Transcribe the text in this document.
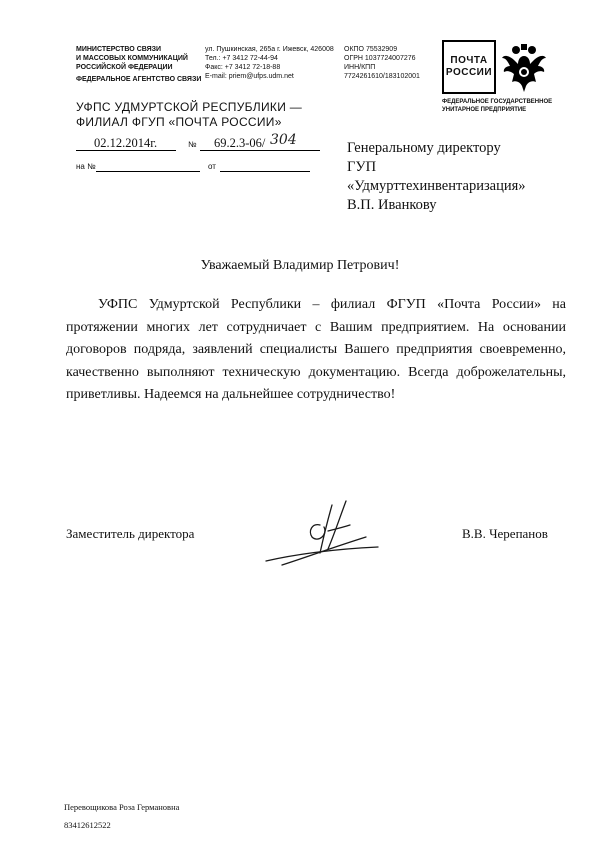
МИНИСТЕРСТВО СВЯЗИ
И МАССОВЫХ КОММУНИКАЦИЙ
РОССИЙСКОЙ ФЕДЕРАЦИИ
ФЕДЕРАЛЬНОЕ АГЕНТСТВО СВЯЗИ
ул. Пушкинская, 265а г. Ижевск, 426008
Тел.: +7 3412 72-44-94
Факс: +7 3412 72-18-88
E-mail: priem@ufps.udm.net
ОКПО 75532909
ОГРН 1037724007276
ИНН/КПП
7724261610/183102001
ПОЧТА
РОССИИ
ФЕДЕРАЛЬНОЕ ГОСУДАРСТВЕННОЕ
УНИТАРНОЕ ПРЕДПРИЯТИЕ
УФПС УДМУРТСКОЙ РЕСПУБЛИКИ —
ФИЛИАЛ ФГУП «ПОЧТА РОССИИ»
02.12.2014г.	№ 69.2.3-06/ 304
на №	от
Генеральному директору
ГУП
«Удмурттехинвентаризация»
В.П. Иванкову
Уважаемый Владимир Петрович!
УФПС Удмуртской Республики – филиал ФГУП «Почта России» на
протяжении многих лет сотрудничает с Вашим предприятием. На основании
договоров подряда, заявлений специалисты Вашего предприятия своевременно,
качественно выполняют техническую документацию. Всегда доброжелательны,
приветливы. Надеемся на дальнейшее сотрудничество!
Заместитель директора	В.В. Черепанов
Перевощикова Роза Германовна
83412612522
